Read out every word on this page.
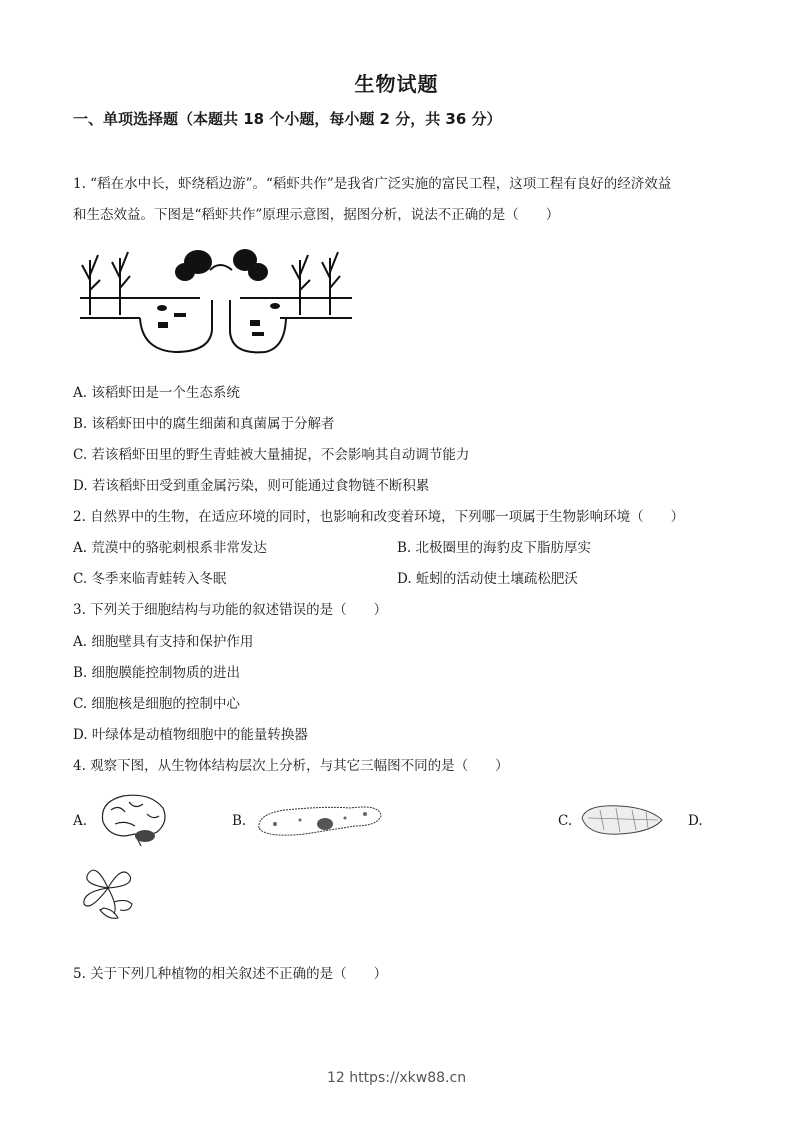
生物试题
一、单项选择题（本题共 18 个小题，每小题 2 分，共 36 分）
1. “稻在水中长，虾绕稻边游”。“稻虾共作”是我省广泛实施的富民工程，这项工程有良好的经济效益
和生态效益。下图是“稻虾共作”原理示意图，据图分析，说法不正确的是（　　）
A. 该稻虾田是一个生态系统
B. 该稻虾田中的腐生细菌和真菌属于分解者
C. 若该稻虾田里的野生青蛙被大量捕捉，不会影响其自动调节能力
D. 若该稻虾田受到重金属污染，则可能通过食物链不断积累
2. 自然界中的生物，在适应环境的同时，也影响和改变着环境，下列哪一项属于生物影响环境（　　）
A. 荒漠中的骆驼刺根系非常发达	B. 北极圈里的海豹皮下脂肪厚实
C. 冬季来临青蛙转入冬眠	D. 蚯蚓的活动使土壤疏松肥沃
3. 下列关于细胞结构与功能的叙述错误的是（　　）
A. 细胞壁具有支持和保护作用
B. 细胞膜能控制物质的进出
C. 细胞核是细胞的控制中心
D. 叶绿体是动植物细胞中的能量转换器
4. 观察下图，从生物体结构层次上分析，与其它三幅图不同的是（　　）
A.	B.	C.	D.
5. 关于下列几种植物的相关叙述不正确的是（　　）
12 https://xkw88.cn
